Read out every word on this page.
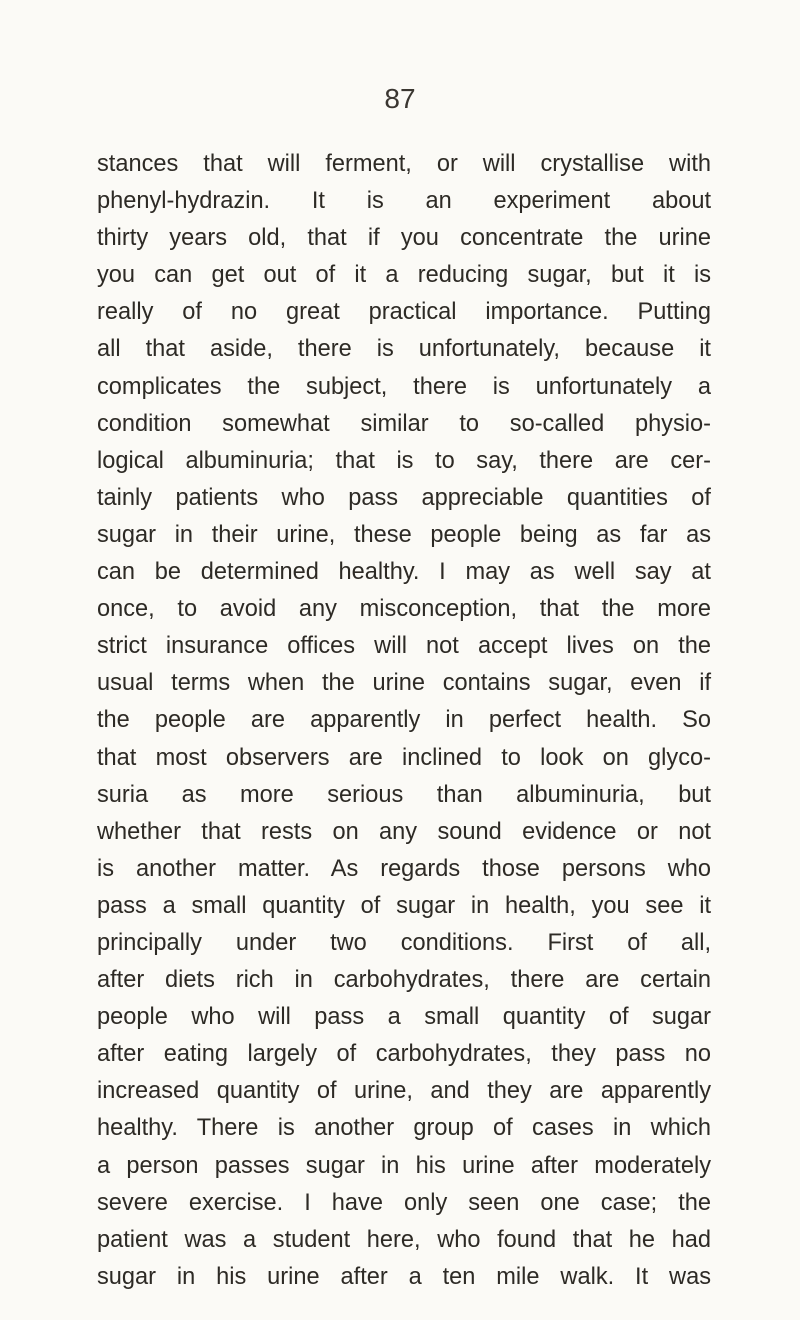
87
stances that will ferment, or will crystallise with
phenyl-hydrazin. It is an experiment about
thirty years old, that if you concentrate the urine
you can get out of it a reducing sugar, but it is
really of no great practical importance. Putting
all that aside, there is unfortunately, because it
complicates the subject, there is unfortunately a
condition somewhat similar to so-called physio-
logical albuminuria; that is to say, there are cer-
tainly patients who pass appreciable quantities of
sugar in their urine, these people being as far as
can be determined healthy. I may as well say at
once, to avoid any misconception, that the more
strict insurance offices will not accept lives on the
usual terms when the urine contains sugar, even if
the people are apparently in perfect health. So
that most observers are inclined to look on glyco-
suria as more serious than albuminuria, but
whether that rests on any sound evidence or not
is another matter. As regards those persons who
pass a small quantity of sugar in health, you see it
principally under two conditions. First of all,
after diets rich in carbohydrates, there are certain
people who will pass a small quantity of sugar
after eating largely of carbohydrates, they pass no
increased quantity of urine, and they are apparently
healthy. There is another group of cases in which
a person passes sugar in his urine after moderately
severe exercise. I have only seen one case; the
patient was a student here, who found that he had
sugar in his urine after a ten mile walk. It was
